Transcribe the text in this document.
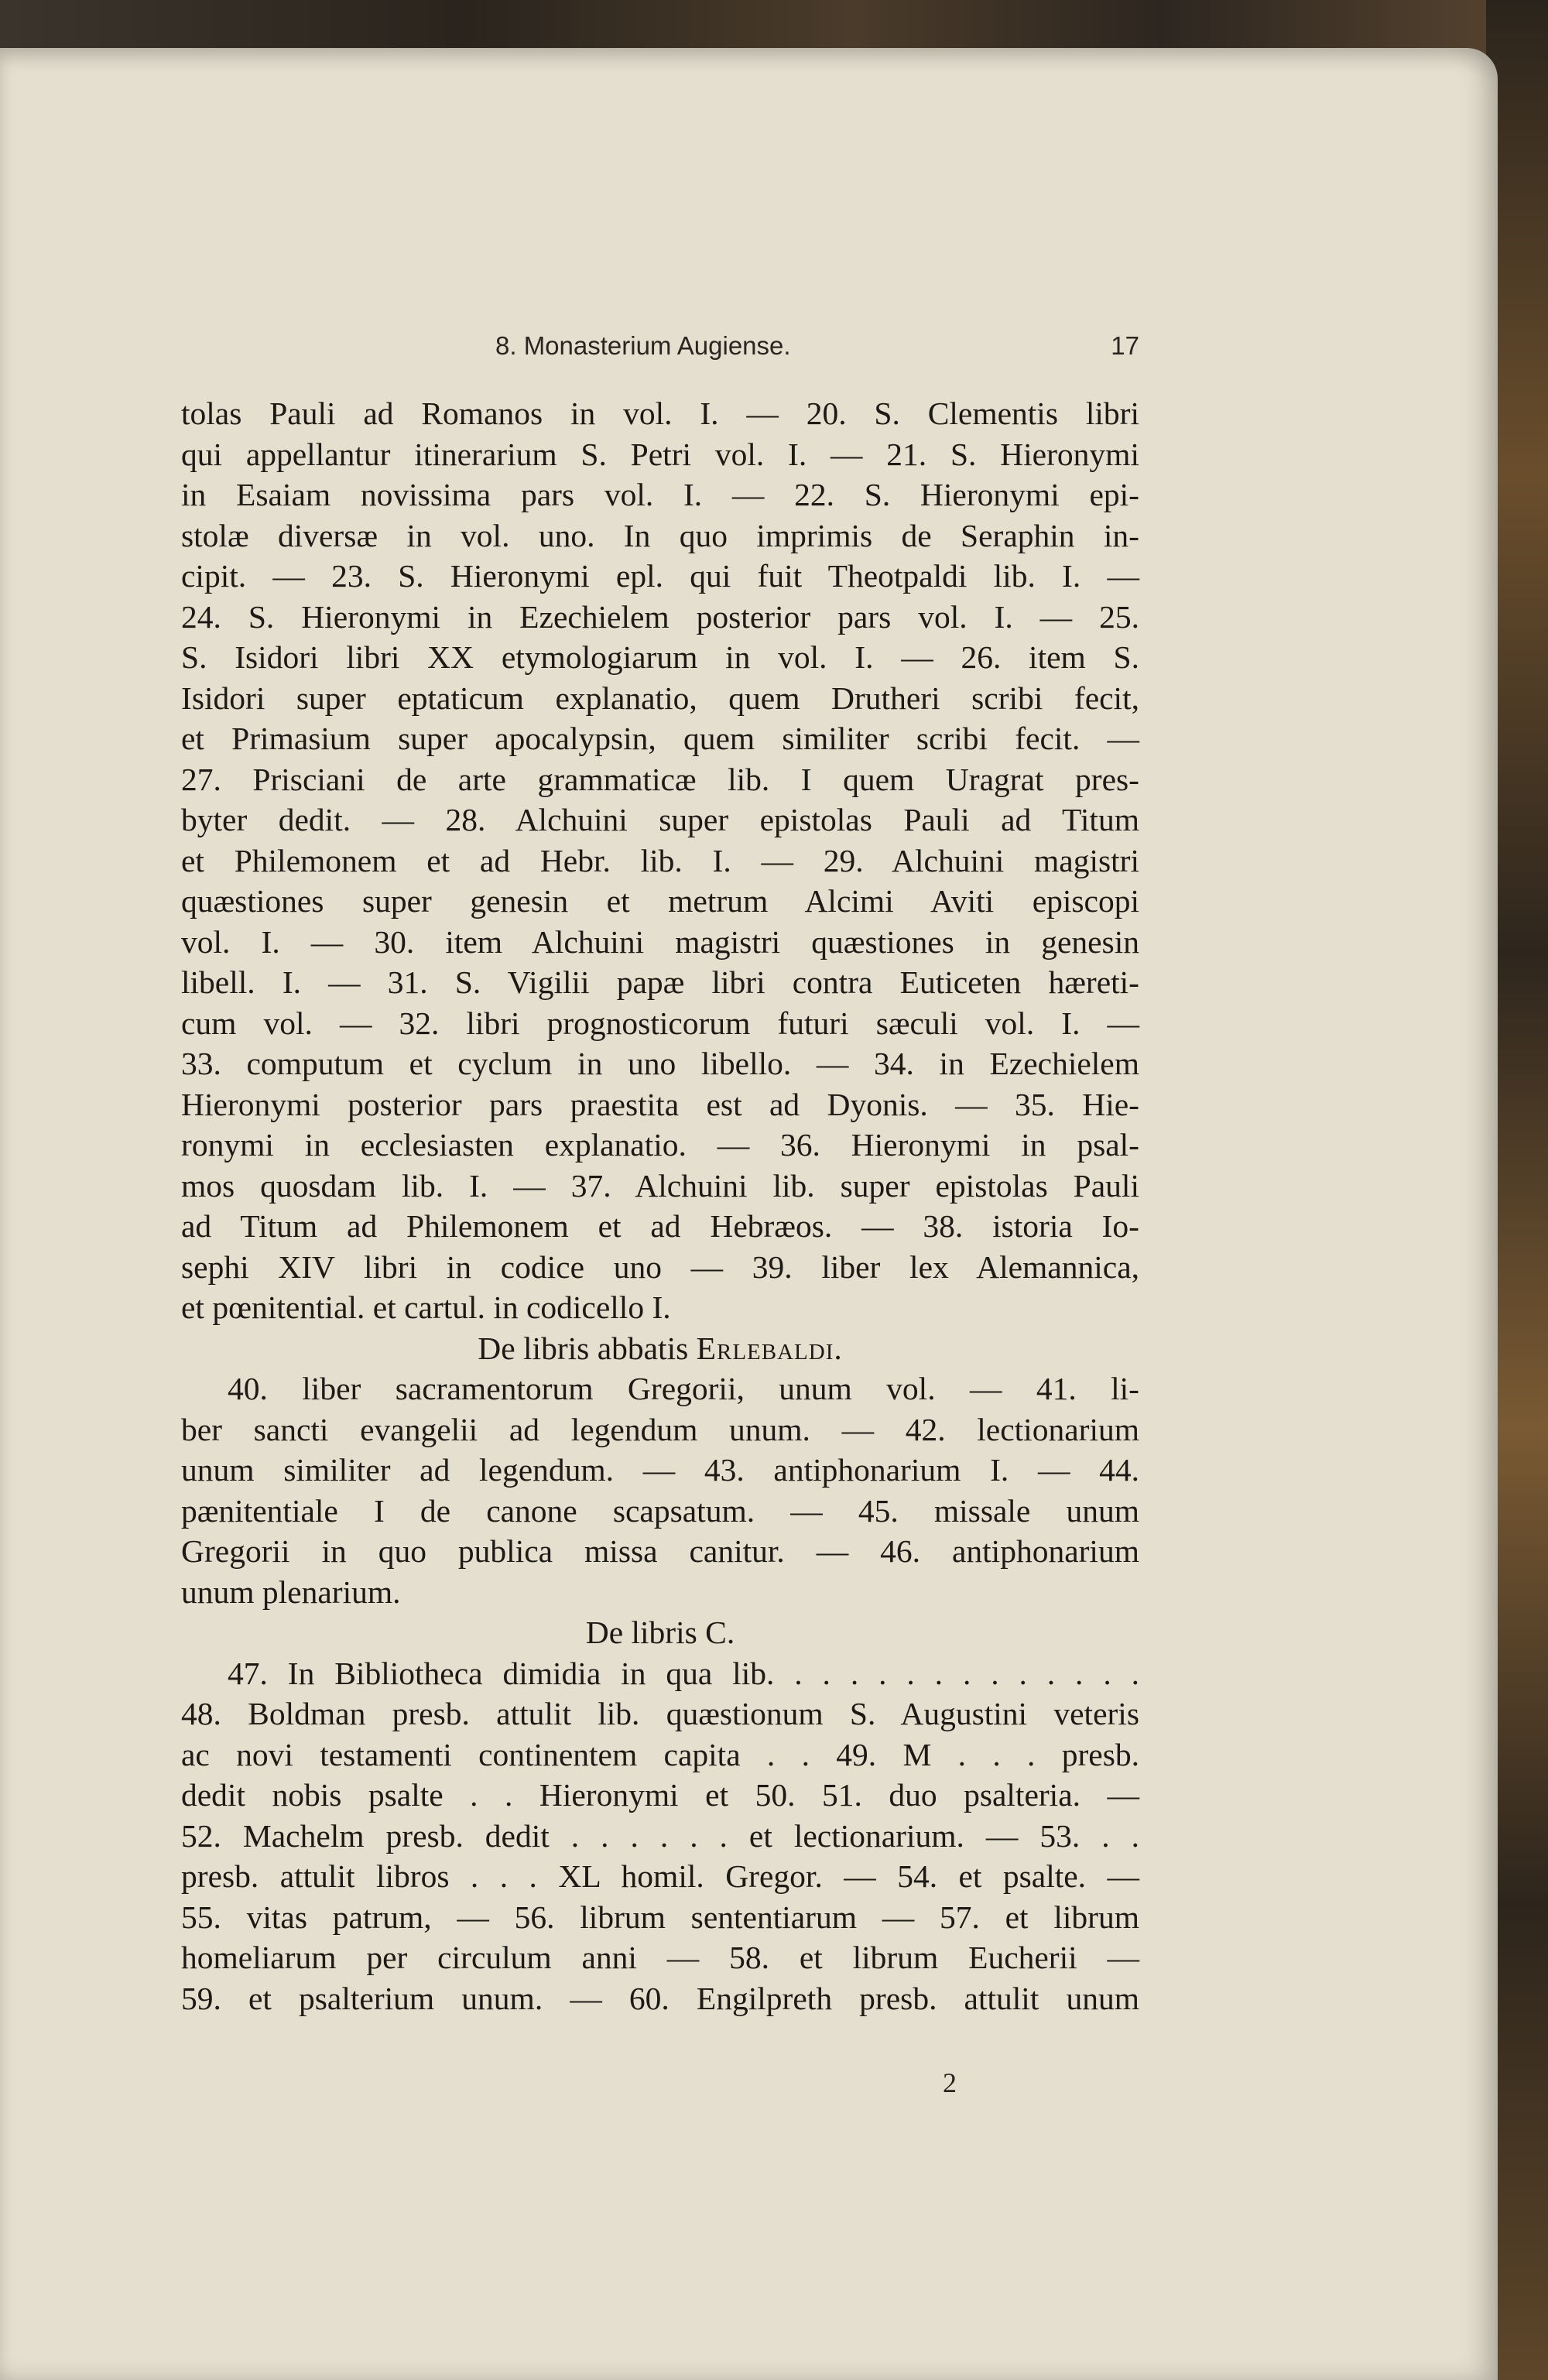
8. Monasterium Augiense.	17
tolas Pauli ad Romanos in vol. I. — 20. S. Clementis libri
qui appellantur itinerarium S. Petri vol. I. — 21. S. Hieronymi
in Esaiam novissima pars vol. I. — 22. S. Hieronymi epi-
stolæ diversæ in vol. uno. In quo imprimis de Seraphin in-
cipit. — 23. S. Hieronymi epl. qui fuit Theotpaldi lib. I. —
24. S. Hieronymi in Ezechielem posterior pars vol. I. — 25.
S. Isidori libri XX etymologiarum in vol. I. — 26. item S.
Isidori super eptaticum explanatio, quem Drutheri scribi fecit,
et Primasium super apocalypsin, quem similiter scribi fecit. —
27. Prisciani de arte grammaticæ lib. I quem Uragrat pres-
byter dedit. — 28. Alchuini super epistolas Pauli ad Titum
et Philemonem et ad Hebr. lib. I. — 29. Alchuini magistri
quæstiones super genesin et metrum Alcimi Aviti episcopi
vol. I. — 30. item Alchuini magistri quæstiones in genesin
libell. I. — 31. S. Vigilii papæ libri contra Euticeten hæreti-
cum vol. — 32. libri prognosticorum futuri sæculi vol. I. —
33. computum et cyclum in uno libello. — 34. in Ezechielem
Hieronymi posterior pars praestita est ad Dyonis. — 35. Hie-
ronymi in ecclesiasten explanatio. — 36. Hieronymi in psal-
mos quosdam lib. I. — 37. Alchuini lib. super epistolas Pauli
ad Titum ad Philemonem et ad Hebræos. — 38. istoria Io-
sephi XIV libri in codice uno — 39. liber lex Alemannica,
et pœnitential. et cartul. in codicello I.
De libris abbatis Erlebaldi.
40. liber sacramentorum Gregorii, unum vol. — 41. li-
ber sancti evangelii ad legendum unum. — 42. lectionarium
unum similiter ad legendum. — 43. antiphonarium I. — 44.
pænitentiale I de canone scapsatum. — 45. missale unum
Gregorii in quo publica missa canitur. — 46. antiphonarium
unum plenarium.
De libris C.
47. In Bibliotheca dimidia in qua lib. . . . . . . . . . . . . .
48. Boldman presb. attulit lib. quæstionum S. Augustini veteris
ac novi testamenti continentem capita . . 49. M . . . presb.
dedit nobis psalte . . Hieronymi et 50. 51. duo psalteria. —
52. Machelm presb. dedit . . . . . . et lectionarium. — 53. . .
presb. attulit libros . . . XL homil. Gregor. — 54. et psalte. —
55. vitas patrum, — 56. librum sententiarum — 57. et librum
homeliarum per circulum anni — 58. et librum Eucherii —
59. et psalterium unum. — 60. Engilpreth presb. attulit unum
2
